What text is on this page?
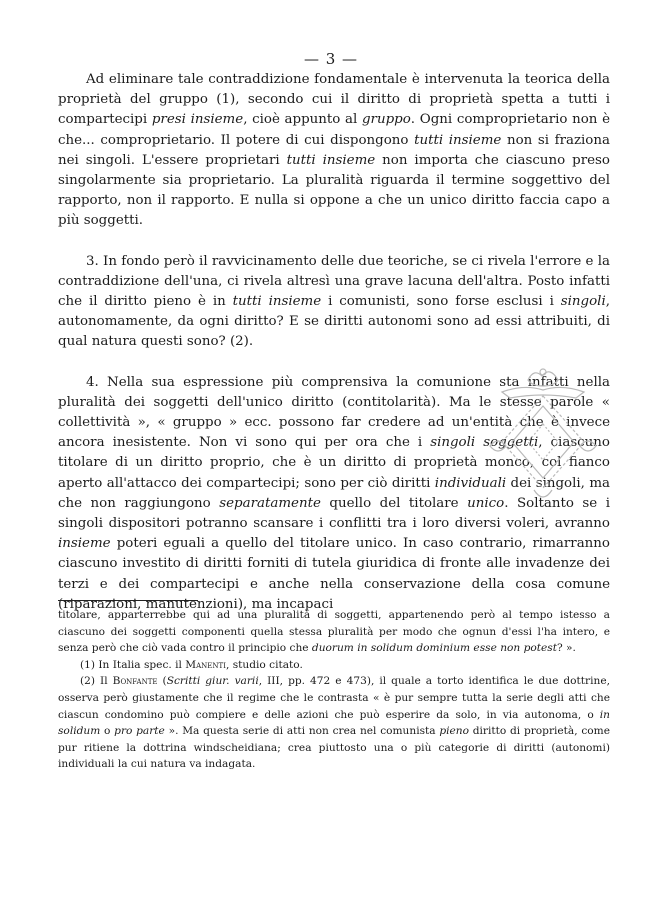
— 3 —

Ad eliminare tale contraddizione fondamentale è intervenuta la teorica della proprietà del gruppo (1), secondo cui il diritto di proprietà spetta a tutti i compartecipi presi insieme, cioè appunto al gruppo. Ogni comproprietario non è che... comproprietario. Il potere di cui dispongono tutti insieme non si fraziona nei singoli. L'essere proprietari tutti insieme non importa che ciascuno preso singolarmente sia proprietario. La pluralità riguarda il termine soggettivo del rapporto, non il rapporto. E nulla si oppone a che un unico diritto faccia capo a più soggetti.

3. In fondo però il ravvicinamento delle due teoriche, se ci rivela l'errore e la contraddizione dell'una, ci rivela altresì una grave lacuna dell'altra. Posto infatti che il diritto pieno è in tutti insieme i comunisti, sono forse esclusi i singoli, autonomamente, da ogni diritto? E se diritti autonomi sono ad essi attribuiti, di qual natura questi sono? (2).

4. Nella sua espressione più comprensiva la comunione sta infatti nella pluralità dei soggetti dell'unico diritto (contitolarità). Ma le stesse parole « collettività », « gruppo » ecc. possono far credere ad un'entità che è invece ancora inesistente. Non vi sono qui per ora che i singoli soggetti, ciascuno titolare di un diritto proprio, che è un diritto di proprietà monco, col fianco aperto all'attacco dei compartecipi; sono per ciò diritti individuali dei singoli, ma che non raggiungono separatamente quello del titolare unico. Soltanto se i singoli dispositori potranno scansare i conflitti tra i loro diversi voleri, avranno insieme poteri eguali a quello del titolare unico. In caso contrario, rimarranno ciascuno investito di diritti forniti di tutela giuridica di fronte alle invadenze dei terzi e dei compartecipi e anche nella conservazione della cosa comune (riparazioni, manutenzioni), ma incapaci

titolare, apparterrebbe qui ad una pluralità di soggetti, appartenendo però al tempo istesso a ciascuno dei soggetti componenti quella stessa pluralità per modo che ognun d'essi l'ha intero, e senza però che ciò vada contro il principio che duorum in solidum dominium esse non potest? ».

(1) In Italia spec. il Manenti, studio citato.

(2) Il Bonfante (Scritti giur. varii, III, pp. 472 e 473), il quale a torto identifica le due dottrine, osserva però giustamente che il regime che le contrasta « è pur sempre tutta la serie degli atti che ciascun condomino può compiere e delle azioni che può esperire da solo, in via autonoma, o in solidum o pro parte ». Ma questa serie di atti non crea nel comunista pieno diritto di proprietà, come pur ritiene la dottrina windscheidiana; crea piuttosto una o più categorie di diritti (autonomi) individuali la cui natura va indagata.
